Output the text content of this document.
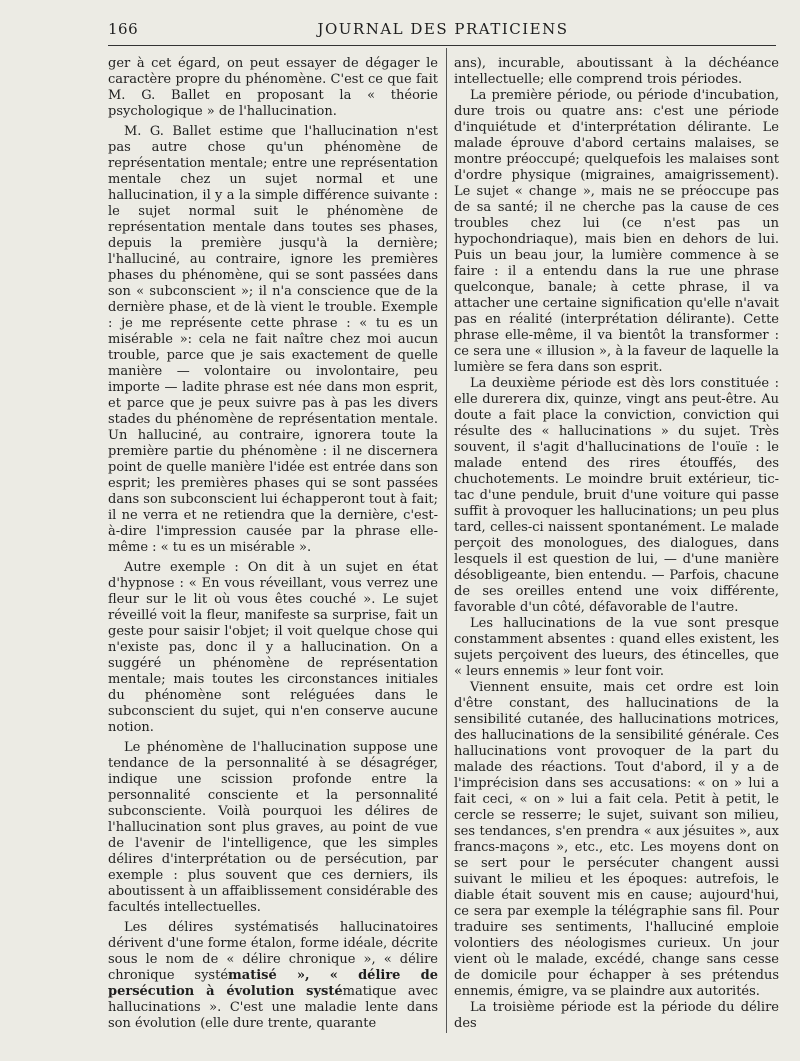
166	JOURNAL DES PRATICIENS

ger à cet égard, on peut essayer de dégager le caractère propre du phénomène. C'est ce que fait M. G. Ballet en proposant la « théorie psychologique » de l'hallucination.

M. G. Ballet estime que l'hallucination n'est pas autre chose qu'un phénomène de représentation mentale; entre une représentation mentale chez un sujet normal et une hallucination, il y a la simple différence suivante : le sujet normal suit le phénomène de représentation mentale dans toutes ses phases, depuis la première jusqu'à la dernière; l'halluciné, au contraire, ignore les premières phases du phénomène, qui se sont passées dans son « subconscient »; il n'a conscience que de la dernière phase, et de là vient le trouble. Exemple : je me représente cette phrase : « tu es un misérable »: cela ne fait naître chez moi aucun trouble, parce que je sais exactement de quelle manière — volontaire ou involontaire, peu importe — ladite phrase est née dans mon esprit, et parce que je peux suivre pas à pas les divers stades du phénomène de représentation mentale. Un halluciné, au contraire, ignorera toute la première partie du phénomène : il ne discernera point de quelle manière l'idée est entrée dans son esprit; les premières phases qui se sont passées dans son subconscient lui échapperont tout à fait; il ne verra et ne retiendra que la dernière, c'est-à-dire l'impression causée par la phrase elle-même : « tu es un misérable ».

Autre exemple : On dit à un sujet en état d'hypnose : « En vous réveillant, vous verrez une fleur sur le lit où vous êtes couché ». Le sujet réveillé voit la fleur, manifeste sa surprise, fait un geste pour saisir l'objet; il voit quelque chose qui n'existe pas, donc il y a hallucination. On a suggéré un phénomène de représentation mentale; mais toutes les circonstances initiales du phénomène sont reléguées dans le subconscient du sujet, qui n'en conserve aucune notion.

Le phénomène de l'hallucination suppose une tendance de la personnalité à se désagréger, indique une scission profonde entre la personnalité consciente et la personnalité subconsciente. Voilà pourquoi les délires de l'hallucination sont plus graves, au point de vue de l'avenir de l'intelligence, que les simples délires d'interprétation ou de persécution, par exemple : plus souvent que ces derniers, ils aboutissent à un affaiblissement considérable des facultés intellectuelles.

Les délires systématisés hallucinatoires dérivent d'une forme étalon, forme idéale, décrite sous le nom de « délire chronique », « délire chronique systématisé », « délire de persécution à évolution systématique avec hallucinations ». C'est une maladie lente dans son évolution (elle dure trente, quarante

ans), incurable, aboutissant à la déchéance intellectuelle; elle comprend trois périodes.

La première période, ou période d'incubation, dure trois ou quatre ans: c'est une période d'inquiétude et d'interprétation délirante. Le malade éprouve d'abord certains malaises, se montre préoccupé; quelquefois les malaises sont d'ordre physique (migraines, amaigrissement). Le sujet « change », mais ne se préoccupe pas de sa santé; il ne cherche pas la cause de ces troubles chez lui (ce n'est pas un hypochondriaque), mais bien en dehors de lui. Puis un beau jour, la lumière commence à se faire : il a entendu dans la rue une phrase quelconque, banale; à cette phrase, il va attacher une certaine signification qu'elle n'avait pas en réalité (interprétation délirante). Cette phrase elle-même, il va bientôt la transformer : ce sera une « illusion », à la faveur de laquelle la lumière se fera dans son esprit.

La deuxième période est dès lors constituée : elle durerera dix, quinze, vingt ans peut-être. Au doute a fait place la conviction, conviction qui résulte des « hallucinations » du sujet. Très souvent, il s'agit d'hallucinations de l'ouïe : le malade entend des rires étouffés, des chuchotements. Le moindre bruit extérieur, tic-tac d'une pendule, bruit d'une voiture qui passe suffit à provoquer les hallucinations; un peu plus tard, celles-ci naissent spontanément. Le malade perçoit des monologues, des dialogues, dans lesquels il est question de lui, — d'une manière désobligeante, bien entendu. — Parfois, chacune de ses oreilles entend une voix différente, favorable d'un côté, défavorable de l'autre.

Les hallucinations de la vue sont presque constamment absentes : quand elles existent, les sujets perçoivent des lueurs, des étincelles, que « leurs ennemis » leur font voir.

Viennent ensuite, mais cet ordre est loin d'être constant, des hallucinations de la sensibilité cutanée, des hallucinations motrices, des hallucinations de la sensibilité générale. Ces hallucinations vont provoquer de la part du malade des réactions. Tout d'abord, il y a de l'imprécision dans ses accusations: « on » lui a fait ceci, « on » lui a fait cela. Petit à petit, le cercle se resserre; le sujet, suivant son milieu, ses tendances, s'en prendra « aux jésuites », aux francs-maçons », etc., etc. Les moyens dont on se sert pour le persécuter changent aussi suivant le milieu et les époques: autrefois, le diable était souvent mis en cause; aujourd'hui, ce sera par exemple la télégraphie sans fil. Pour traduire ses sentiments, l'halluciné emploie volontiers des néologismes curieux. Un jour vient où le malade, excédé, change sans cesse de domicile pour échapper à ses prétendus ennemis, émigre, va se plaindre aux autorités.

La troisième période est la période du délire des
